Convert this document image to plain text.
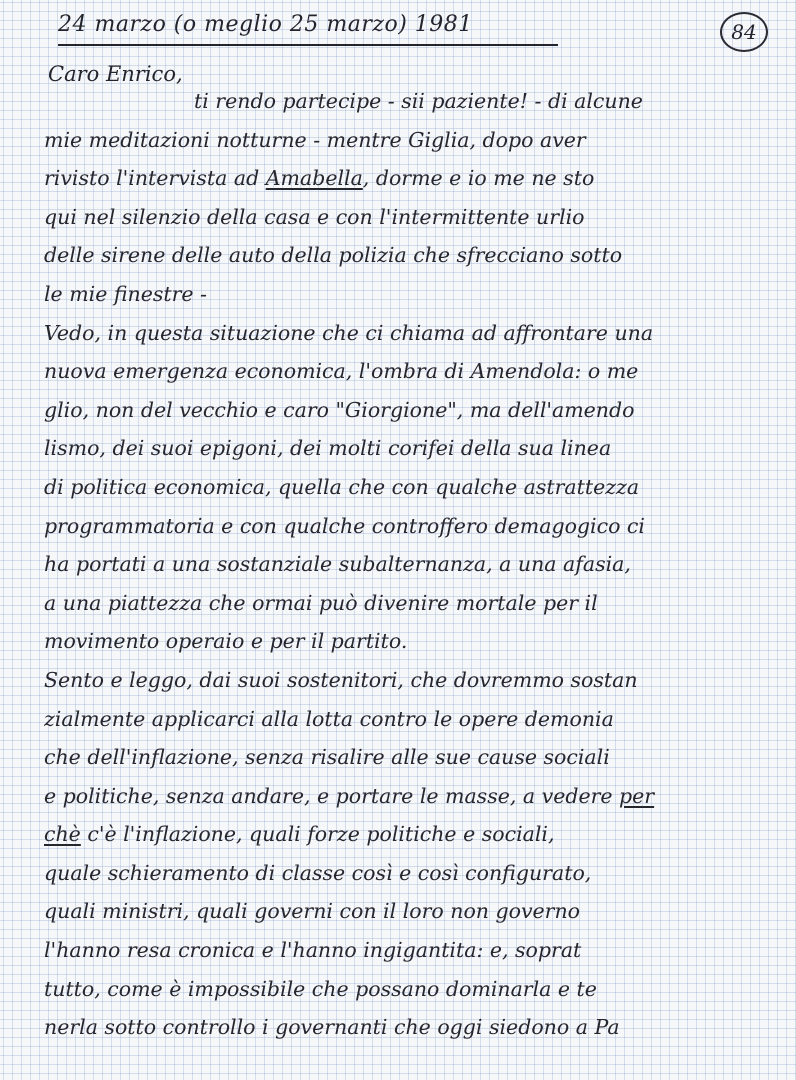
24 marzo (o meglio 25 marzo) 1981	84
Caro Enrico,
ti rendo partecipe - sii paziente! - di alcune
mie meditazioni notturne - mentre Giglia, dopo aver
rivisto l'intervista ad Amabella, dorme e io me ne sto
qui nel silenzio della casa e con l'intermittente urlio
delle sirene delle auto della polizia che sfrecciano sotto
le mie finestre -
Vedo, in questa situazione che ci chiama ad affrontare una
nuova emergenza economica, l'ombra di Amendola: o me
glio, non del vecchio e caro "Giorgione", ma dell'amendo
lismo, dei suoi epigoni, dei molti corifei della sua linea
di politica economica, quella che con qualche astrattezza
programmatoria e con qualche controffero demagogico ci
ha portati a una sostanziale subalternanza, a una afasia,
a una piattezza che ormai può divenire mortale per il
movimento operaio e per il partito.
Sento e leggo, dai suoi sostenitori, che dovremmo sostan
zialmente applicarci alla lotta contro le opere demonia
che dell'inflazione, senza risalire alle sue cause sociali
e politiche, senza andare, e portare le masse, a vedere per
chè c'è l'inflazione, quali forze politiche e sociali,
quale schieramento di classe così e così configurato,
quali ministri, quali governi con il loro non governo
l'hanno resa cronica e l'hanno ingigantita: e, soprat
tutto, come è impossibile che possano dominarla e te
nerla sotto controllo i governanti che oggi siedono a Pa
